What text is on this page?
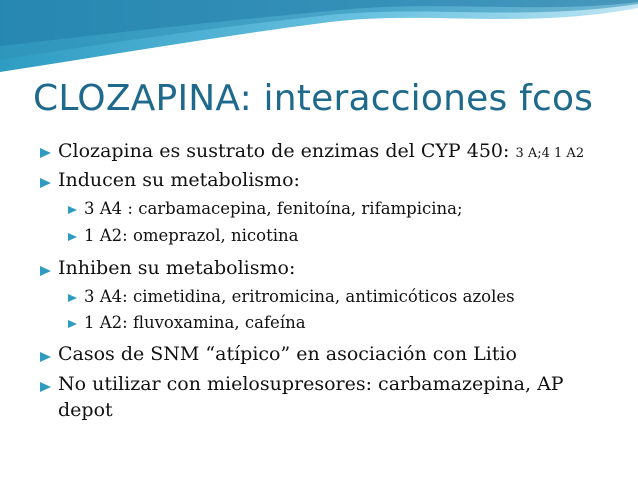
CLOZAPINA: interacciones fcos
Clozapina es sustrato de enzimas del CYP 450: 3 A;4 1 A2
Inducen su metabolismo:
3 A4 : carbamacepina, fenitoína, rifampicina;
1 A2: omeprazol, nicotina
Inhiben su metabolismo:
3 A4: cimetidina, eritromicina, antimicóticos azoles
1 A2: fluvoxamina, cafeína
Casos de SNM “atípico” en asociación con Litio
No utilizar con mielosupresores: carbamazepina, AP
depot
